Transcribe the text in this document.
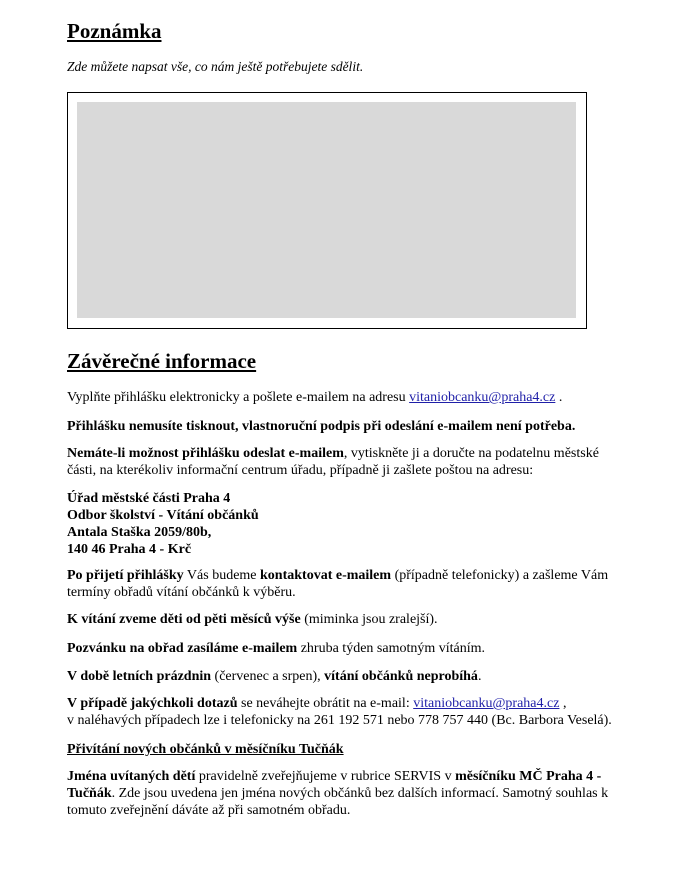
Poznámka
Zde můžete napsat vše, co nám ještě potřebujete sdělit.
Závěrečné informace

Vyplňte přihlášku elektronicky a pošlete e-mailem na adresu vitaniobcanku@praha4.cz .

Přihlášku nemusíte tisknout, vlastnoruční podpis při odeslání e-mailem není potřeba.

Nemáte-li možnost přihlášku odeslat e-mailem, vytiskněte ji a doručte na podatelnu městské části, na kterékoliv informační centrum úřadu, případně ji zašlete poštou na adresu:

Úřad městské části Praha 4
Odbor školství - Vítání občánků
Antala Staška 2059/80b,
140 46 Praha 4 - Krč

Po přijetí přihlášky Vás budeme kontaktovat e-mailem (případně telefonicky) a zašleme Vám termíny obřadů vítání občánků k výběru.

K vítání zveme děti od pěti měsíců výše (miminka jsou zralejší).

Pozvánku na obřad zasíláme e-mailem zhruba týden samotným vítáním.

V době letních prázdnin (červenec a srpen), vítání občánků neprobíhá.

V případě jakýchkoli dotazů se neváhejte obrátit na e-mail: vitaniobcanku@praha4.cz ,
v naléhavých případech lze i telefonicky na 261 192 571 nebo 778 757 440 (Bc. Barbora Veselá).

Přivítání nových občánků v měsíčníku Tučňák

Jména uvítaných dětí pravidelně zveřejňujeme v rubrice SERVIS v měsíčníku MČ Praha 4 - Tučňák. Zde jsou uvedena jen jména nových občánků bez dalších informací. Samotný souhlas k tomuto zveřejnění dáváte až při samotném obřadu.
